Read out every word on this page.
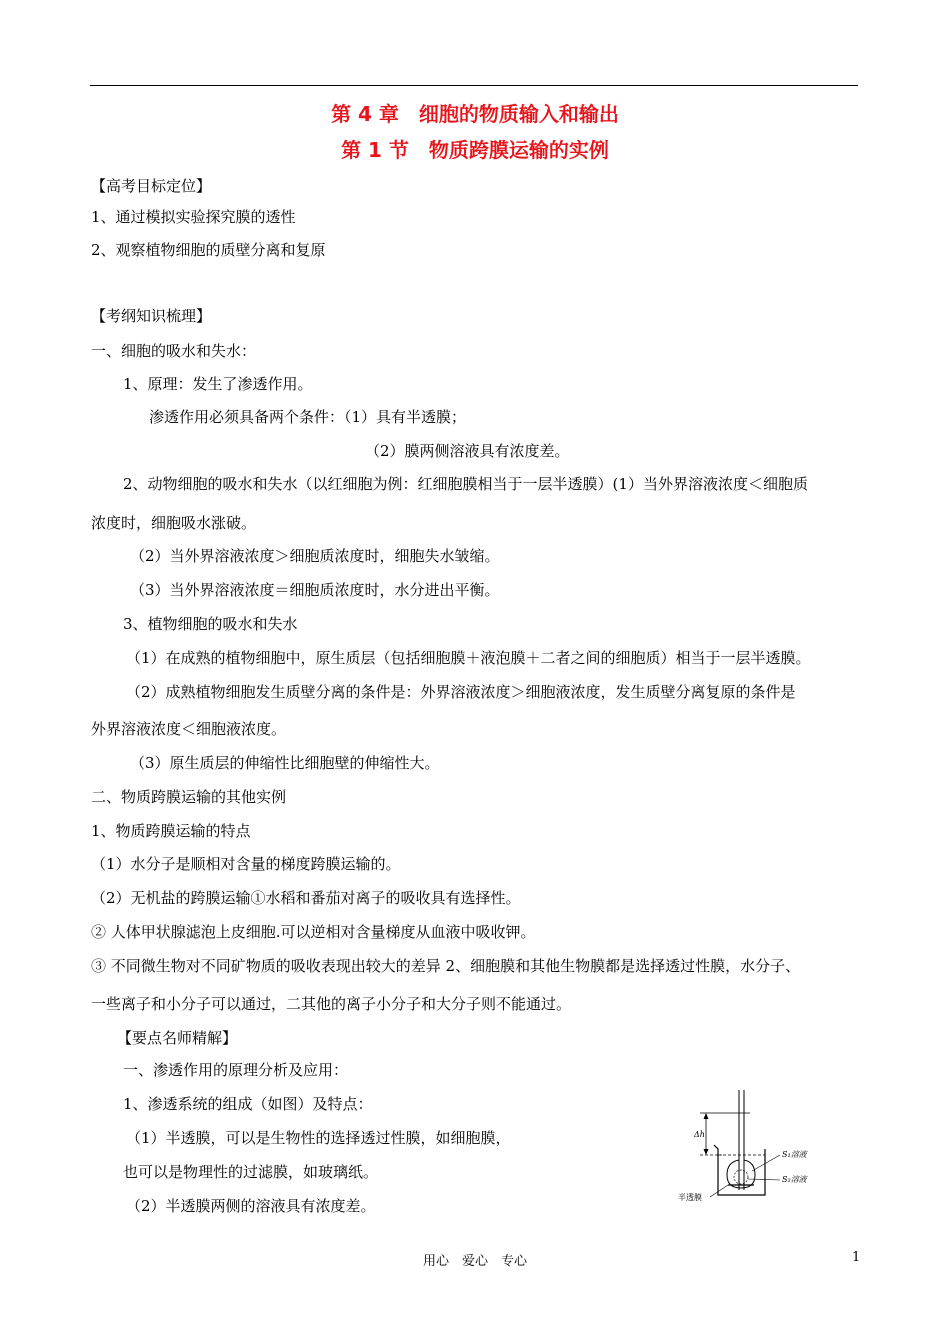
第 4 章　细胞的物质输入和输出
第 1 节　物质跨膜运输的实例
【高考目标定位】
1、通过模拟实验探究膜的透性
2、观察植物细胞的质壁分离和复原
【考纲知识梳理】
一、细胞的吸水和失水：
1、原理：发生了渗透作用。
渗透作用必须具备两个条件：（1）具有半透膜；
（2）膜两侧溶液具有浓度差。
2、动物细胞的吸水和失水（以红细胞为例：红细胞膜相当于一层半透膜）(1）当外界溶液浓度＜细胞质
浓度时，细胞吸水涨破。
（2）当外界溶液浓度＞细胞质浓度时，细胞失水皱缩。
（3）当外界溶液浓度＝细胞质浓度时，水分进出平衡。
3、植物细胞的吸水和失水
（1）在成熟的植物细胞中，原生质层（包括细胞膜＋液泡膜＋二者之间的细胞质）相当于一层半透膜。
（2）成熟植物细胞发生质壁分离的条件是：外界溶液浓度＞细胞液浓度，发生质壁分离复原的条件是
外界溶液浓度＜细胞液浓度。
（3）原生质层的伸缩性比细胞壁的伸缩性大。
二、物质跨膜运输的其他实例
1、物质跨膜运输的特点
（1）水分子是顺相对含量的梯度跨膜运输的。
（2）无机盐的跨膜运输①水稻和番茄对离子的吸收具有选择性。
② 人体甲状腺滤泡上皮细胞.可以逆相对含量梯度从血液中吸收钾。
③ 不同微生物对不同矿物质的吸收表现出较大的差异 2、细胞膜和其他生物膜都是选择透过性膜，水分子、
一些离子和小分子可以通过，二其他的离子小分子和大分子则不能通过。
【要点名师精解】
一、渗透作用的原理分析及应用：
1、渗透系统的组成（如图）及特点：
（1）半透膜，可以是生物性的选择透过性膜，如细胞膜，
也可以是物理性的过滤膜，如玻璃纸。
（2）半透膜两侧的溶液具有浓度差。
Δh
S₁溶液
S₂溶液
半透膜
用心　爱心　专心	1
